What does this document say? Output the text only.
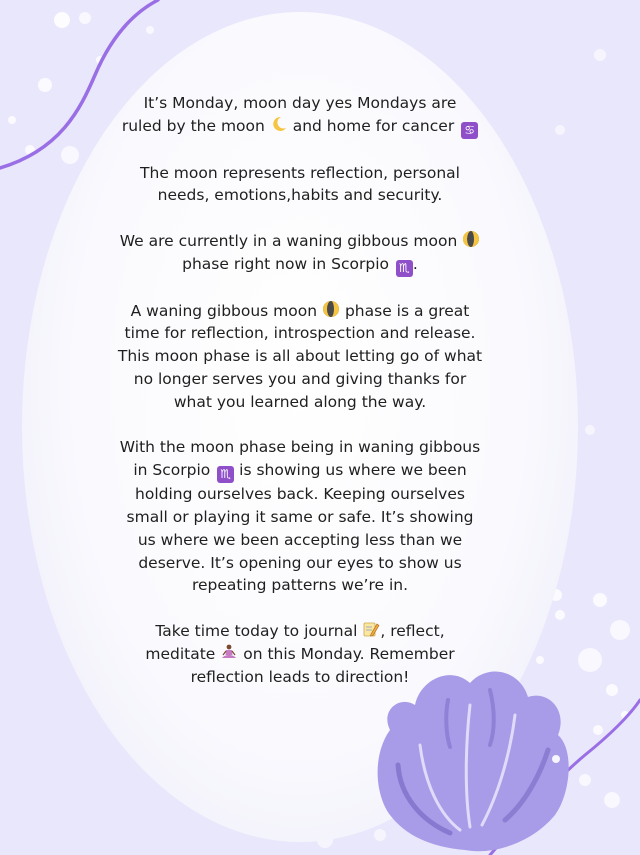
It’s Monday, moon day yes Mondays are
ruled by the moon and home for cancer ♋

The moon represents reflection, personal
needs, emotions,habits and security.

We are currently in a waning gibbous moon
phase right now in Scorpio ♏ .

A waning gibbous moon phase is a great
time for reflection, introspection and release.
This moon phase is all about letting go of what
no longer serves you and giving thanks for
what you learned along the way.

With the moon phase being in waning gibbous
in Scorpio ♏ is showing us where we been
holding ourselves back. Keeping ourselves
small or playing it same or safe. It’s showing
us where we been accepting less than we
deserve. It’s opening our eyes to show us
repeating patterns we’re in.

Take time today to journal , reflect,
meditate on this Monday. Remember
reflection leads to direction!
